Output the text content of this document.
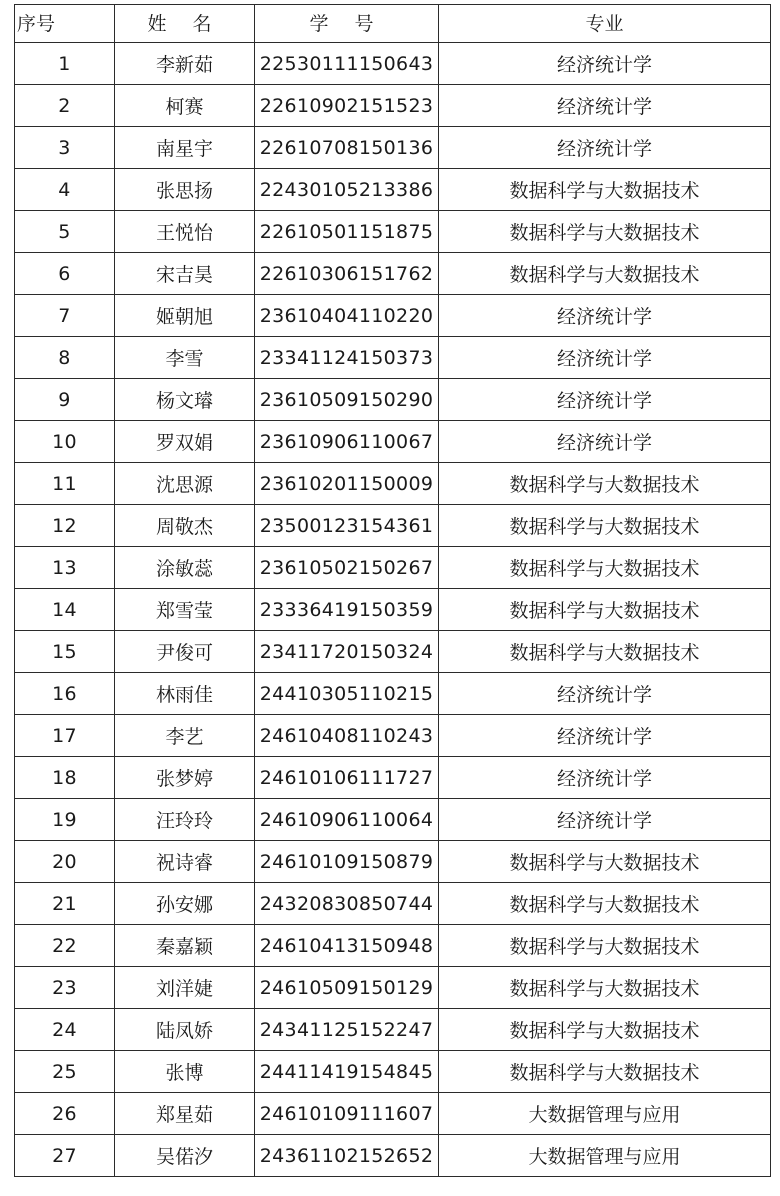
序号	姓 名	学 号	专业
1	李新茹	22530111150643	经济统计学
2	柯赛	22610902151523	经济统计学
3	南星宇	22610708150136	经济统计学
4	张思扬	22430105213386	数据科学与大数据技术
5	王悦怡	22610501151875	数据科学与大数据技术
6	宋吉昊	22610306151762	数据科学与大数据技术
7	姬朝旭	23610404110220	经济统计学
8	李雪	23341124150373	经济统计学
9	杨文璿	23610509150290	经济统计学
10	罗双娟	23610906110067	经济统计学
11	沈思源	23610201150009	数据科学与大数据技术
12	周敬杰	23500123154361	数据科学与大数据技术
13	涂敏蕊	23610502150267	数据科学与大数据技术
14	郑雪莹	23336419150359	数据科学与大数据技术
15	尹俊可	23411720150324	数据科学与大数据技术
16	林雨佳	24410305110215	经济统计学
17	李艺	24610408110243	经济统计学
18	张梦婷	24610106111727	经济统计学
19	汪玲玲	24610906110064	经济统计学
20	祝诗睿	24610109150879	数据科学与大数据技术
21	孙安娜	24320830850744	数据科学与大数据技术
22	秦嘉颖	24610413150948	数据科学与大数据技术
23	刘洋婕	24610509150129	数据科学与大数据技术
24	陆凤娇	24341125152247	数据科学与大数据技术
25	张博	24411419154845	数据科学与大数据技术
26	郑星茹	24610109111607	大数据管理与应用
27	吴偌汐	24361102152652	大数据管理与应用
